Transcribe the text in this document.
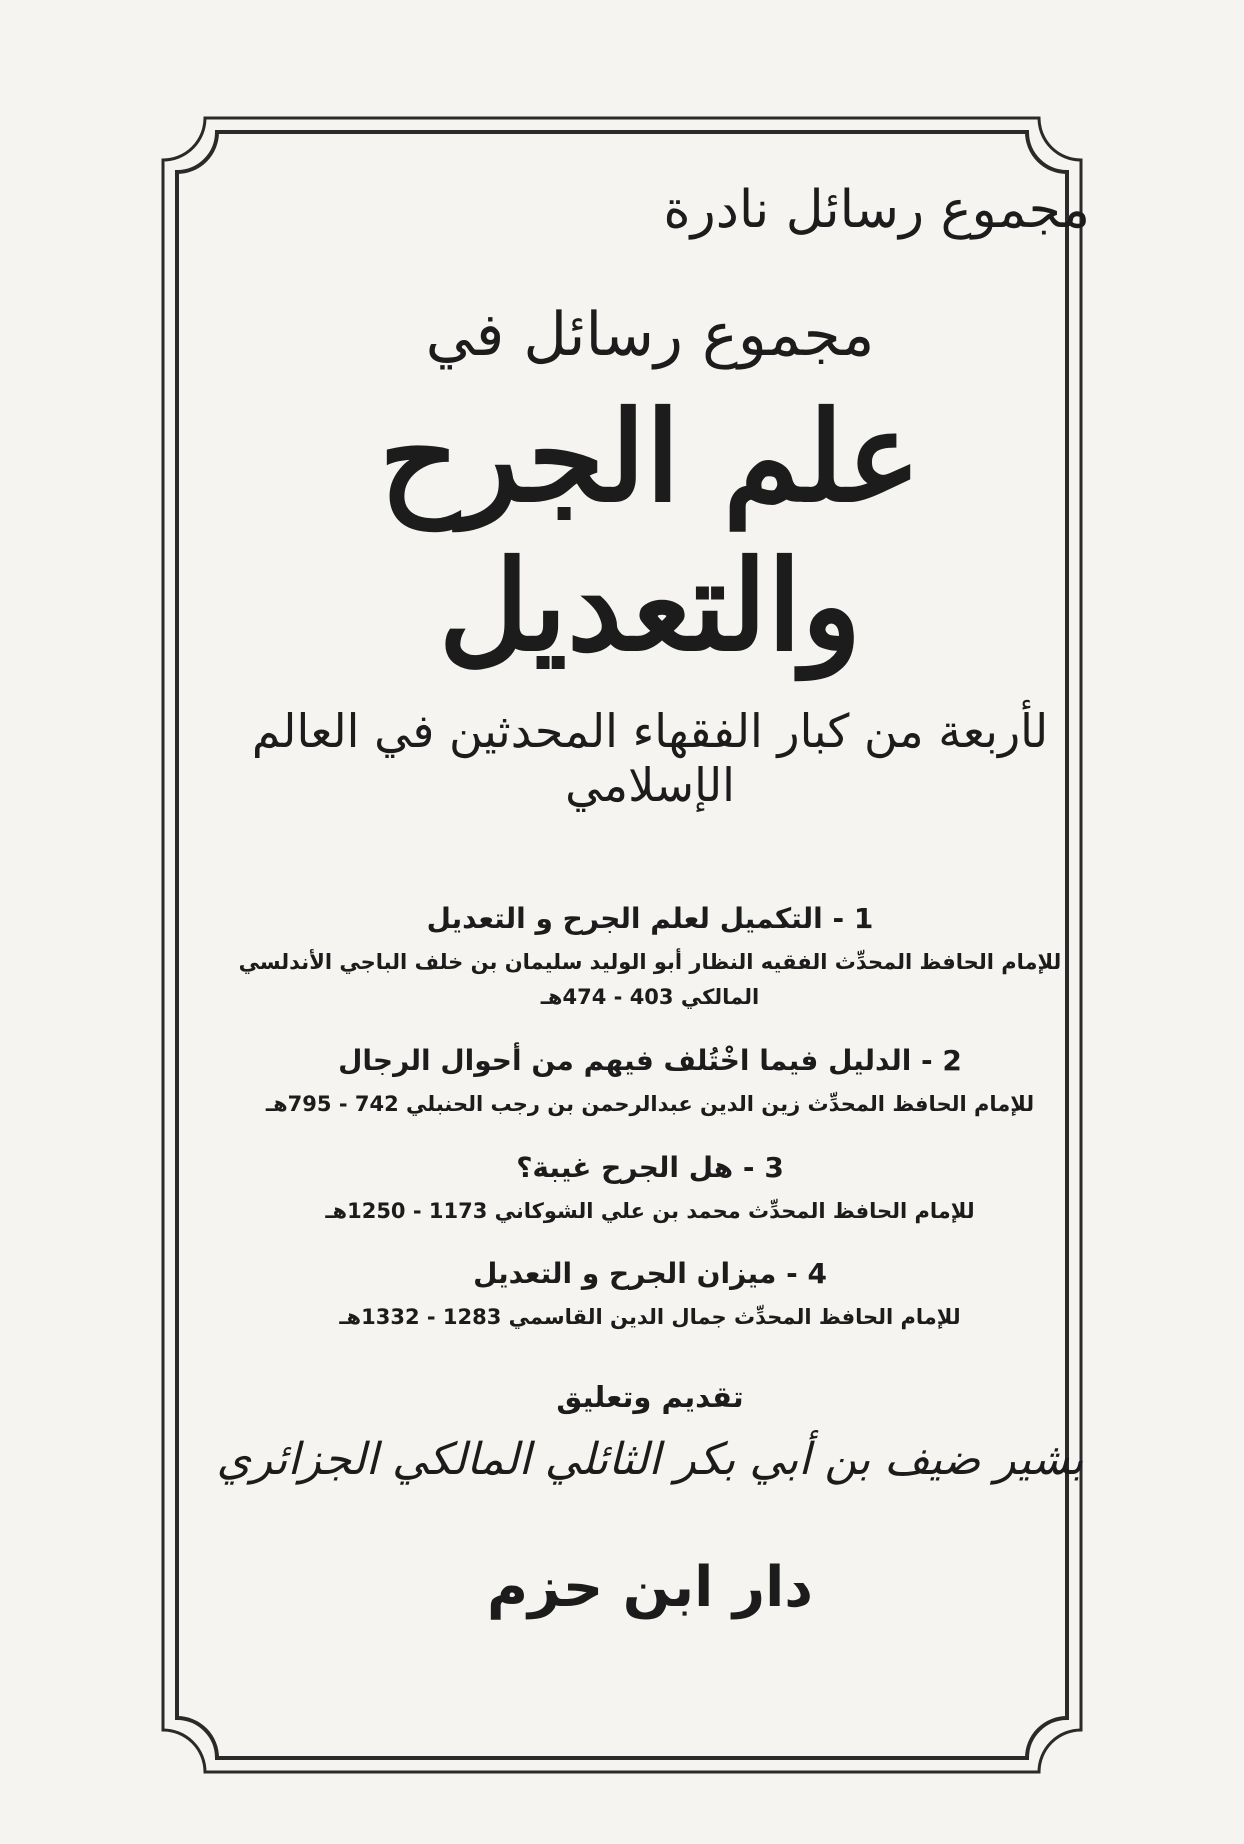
مجموع رسائل نادرة
مجموع رسائل في
علم الجرح والتعديل
لأربعة من كبار الفقهاء المحدثين في العالم الإسلامي
1 - التكميل لعلم الجرح و التعديل
للإمام الحافظ المحدِّث الفقيه النظار أبو الوليد سليمان بن خلف الباجي الأندلسي المالكي 403 - 474هـ
2 - الدليل فيما اخْتُلف فيهم من أحوال الرجال
للإمام الحافظ المحدِّث زين الدين عبدالرحمن بن رجب الحنبلي 742 - 795هـ
3 - هل الجرح غيبة؟
للإمام الحافظ المحدِّث محمد بن علي الشوكاني 1173 - 1250هـ
4 - ميزان الجرح و التعديل
للإمام الحافظ المحدِّث جمال الدين القاسمي 1283 - 1332هـ
تقديم وتعليق
بشير ضيف بن أبي بكر الثائلي المالكي الجزائري
دار ابن حزم
